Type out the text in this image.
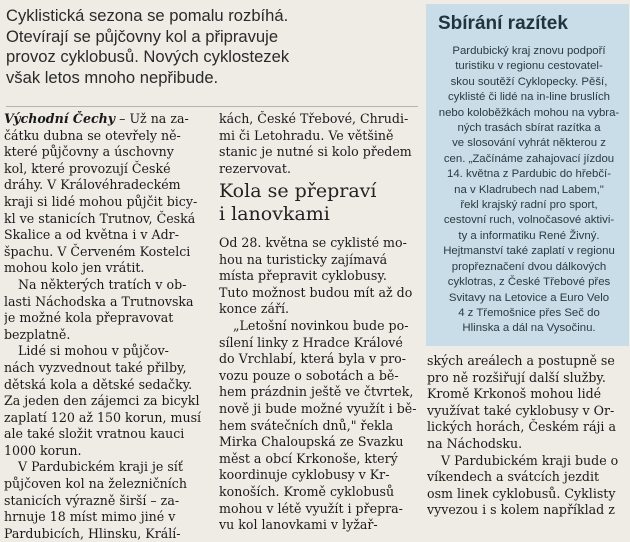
Cyklistická sezona se pomalu rozbíhá.
Otevírají se půjčovny kol a připravuje
provoz cyklobusů. Nových cyklostezek
však letos mnoho nepřibude.
Východní Čechy – Už na za-
čátku dubna se otevřely ně-
které půjčovny a úschovny
kol, které provozují České
dráhy. V Královéhradeckém
kraji si lidé mohou půjčit bicy-
kl ve stanicích Trutnov, Česká
Skalice a od května i v Adr-
špachu. V Červeném Kostelci
mohou kolo jen vrátit.
Na některých tratích v ob-
lasti Náchodska a Trutnovska
je možné kola přepravovat
bezplatně.
Lidé si mohou v půjčov-
nách vyzvednout také přilby,
dětská kola a dětské sedačky.
Za jeden den zájemci za bicykl
zaplatí 120 až 150 korun, musí
ale také složit vratnou kauci
1000 korun.
V Pardubickém kraji je síť
půjčoven kol na železničních
stanicích výrazně širší – za-
hrnuje 18 míst mimo jiné v
Pardubicích, Hlinsku, Králí-
kách, České Třebové, Chrudi-
mi či Letohradu. Ve většině
stanic je nutné si kolo předem
rezervovat.
Kola se přepraví
i lanovkami
Od 28. května se cyklisté mo-
hou na turisticky zajímavá
místa přepravit cyklobusy.
Tuto možnost budou mít až do
konce září.
„Letošní novinkou bude po-
sílení linky z Hradce Králové
do Vrchlabí, která byla v pro-
vozu pouze o sobotách a bě-
hem prázdnin ještě ve čtvrtek,
nově ji bude možné využít i bě-
hem svátečních dnů," řekla
Mirka Chaloupská ze Svazku
měst a obcí Krkonoše, který
koordinuje cyklobusy v Kr-
konoších. Kromě cyklobusů
mohou v létě využít i přepra-
vu kol lanovkami v lyžař-
ských areálech a postupně se
pro ně rozšiřují další služby.
Kromě Krkonoš mohou lidé
využívat také cyklobusy v Or-
lických horách, Českém ráji a
na Náchodsku.
V Pardubickém kraji bude o
víkendech a svátcích jezdit
osm linek cyklobusů. Cyklisty
vyvezou i s kolem například z
Sbírání razítek
Pardubický kraj znovu podpoří
turistiku v regionu cestovatel-
skou soutěží Cyklopecky. Pěší,
cyklisté či lidé na in-line bruslích
nebo koloběžkách mohou na vybra-
ných trasách sbírat razítka a
ve slosování vyhrát některou z
cen. „Začínáme zahajovací jízdou
14. května z Pardubic do hřebčí-
na v Kladrubech nad Labem,"
řekl krajský radní pro sport,
cestovní ruch, volnočasové aktivi-
ty a informatiku René Živný.
Hejtmanství také zaplatí v regionu
propřeznačení dvou dálkových
cyklotras, z České Třebové přes
Svitavy na Letovice a Euro Velo
4 z Třemošnice přes Seč do
Hlinska a dál na Vysočinu.
